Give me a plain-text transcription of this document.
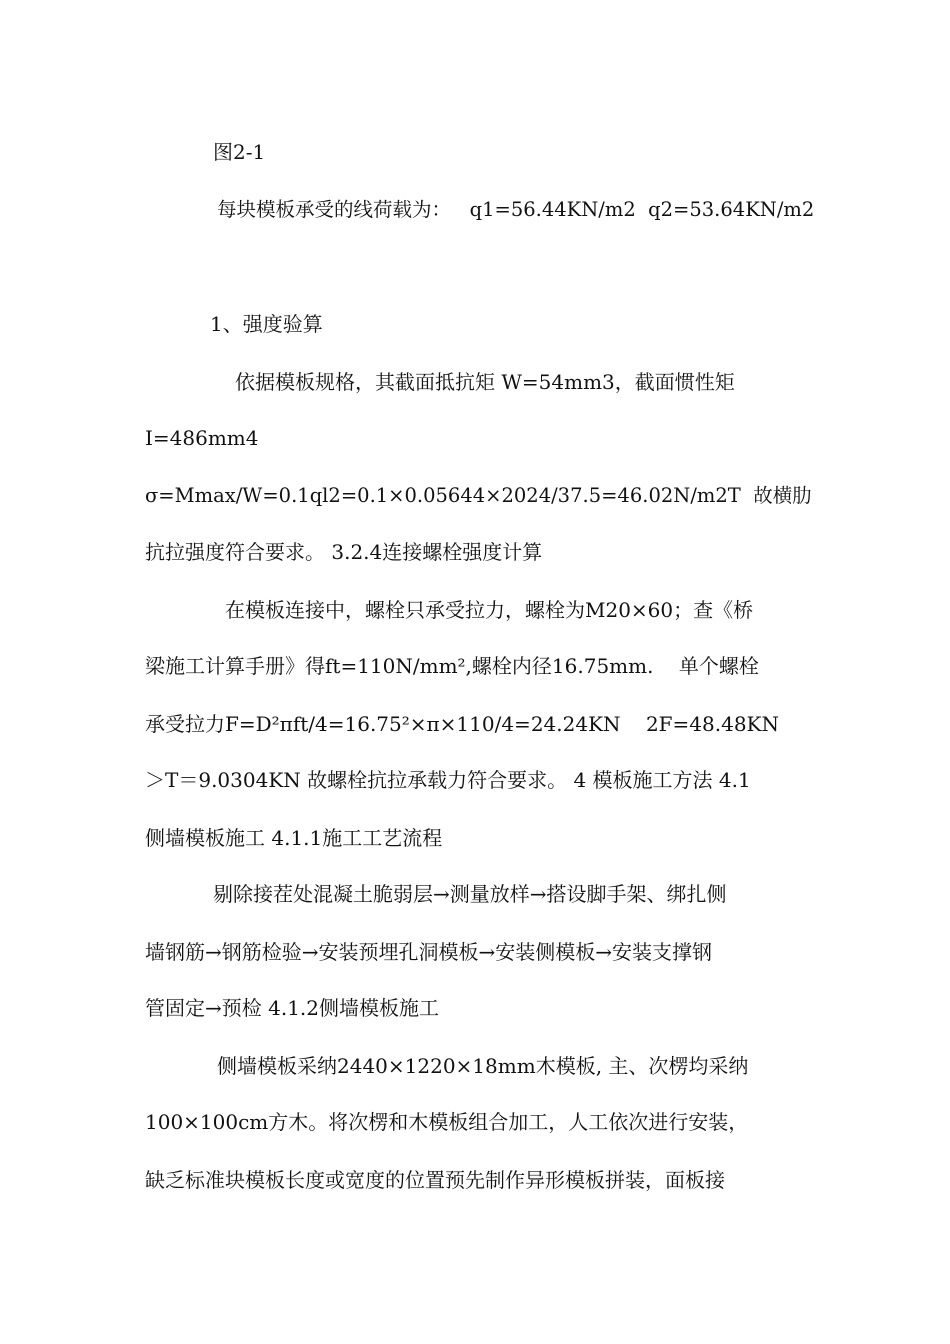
图2-1
每块模板承受的线荷载为：   q1=56.44KN/m2  q2=53.64KN/m2
1、强度验算
依据模板规格，其截面抵抗矩 W=54mm3，截面惯性矩
I=486mm4
σ=Mmax/W=0.1ql2=0.1×0.05644×2024/37.5=46.02N/m2T  故横肋
抗拉强度符合要求。 3.2.4连接螺栓强度计算
在模板连接中，螺栓只承受拉力，螺栓为M20×60；查《桥
梁施工计算手册》得ft=110N/mm²,螺栓内径16.75mm.    单个螺栓
承受拉力F=D²πft/4=16.75²×π×110/4=24.24KN    2F=48.48KN
＞T＝9.0304KN 故螺栓抗拉承载力符合要求。 4 模板施工方法 4.1
侧墙模板施工 4.1.1施工工艺流程
剔除接茬处混凝土脆弱层→测量放样→搭设脚手架、绑扎侧
墙钢筋→钢筋检验→安装预埋孔洞模板→安装侧模板→安装支撑钢
管固定→预检 4.1.2侧墙模板施工
侧墙模板采纳2440×1220×18mm木模板, 主、次楞均采纳
100×100cm方木。将次楞和木模板组合加工，人工依次进行安装，
缺乏标准块模板长度或宽度的位置预先制作异形模板拼装，面板接
